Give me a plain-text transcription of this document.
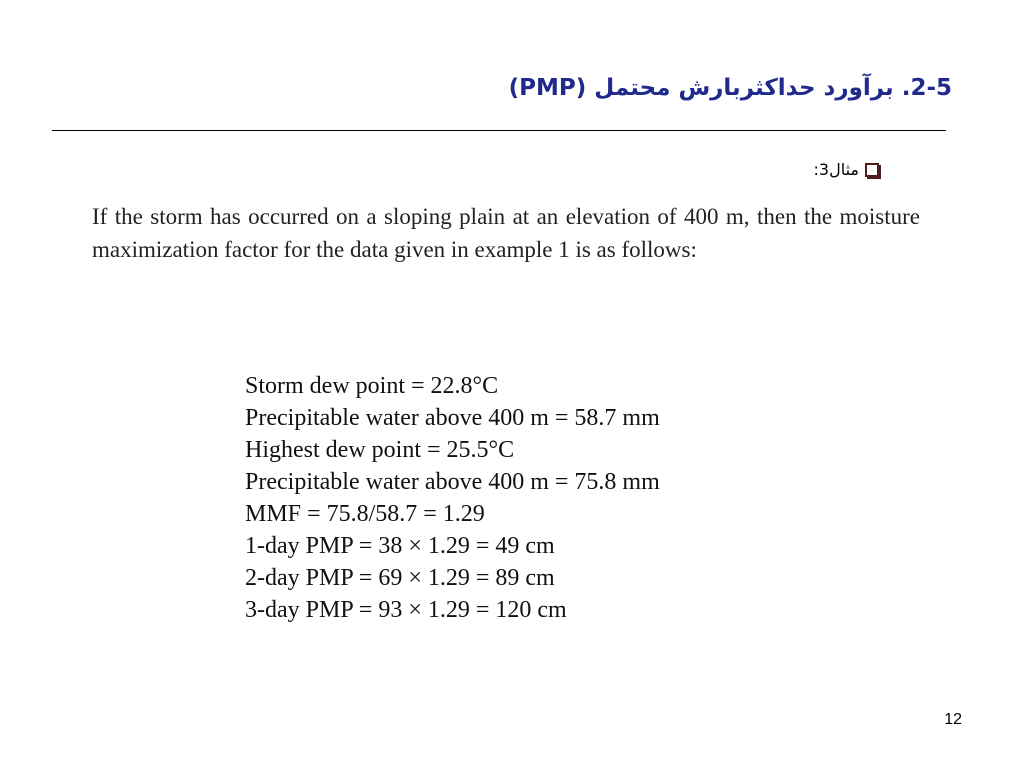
2-5. برآورد حداکثربارش محتمل (PMP)
مثال3:
If the storm has occurred on a sloping plain at an elevation of 400 m, then the moisture maximization factor for the data given in example 1 is as follows:
Storm dew point = 22.8°C
Precipitable water above 400 m = 58.7 mm
Highest dew point = 25.5°C
Precipitable water above 400 m = 75.8 mm
MMF = 75.8/58.7 = 1.29
1-day PMP = 38 × 1.29 = 49 cm
2-day PMP = 69 × 1.29 = 89 cm
3-day PMP = 93 × 1.29 = 120 cm
12
